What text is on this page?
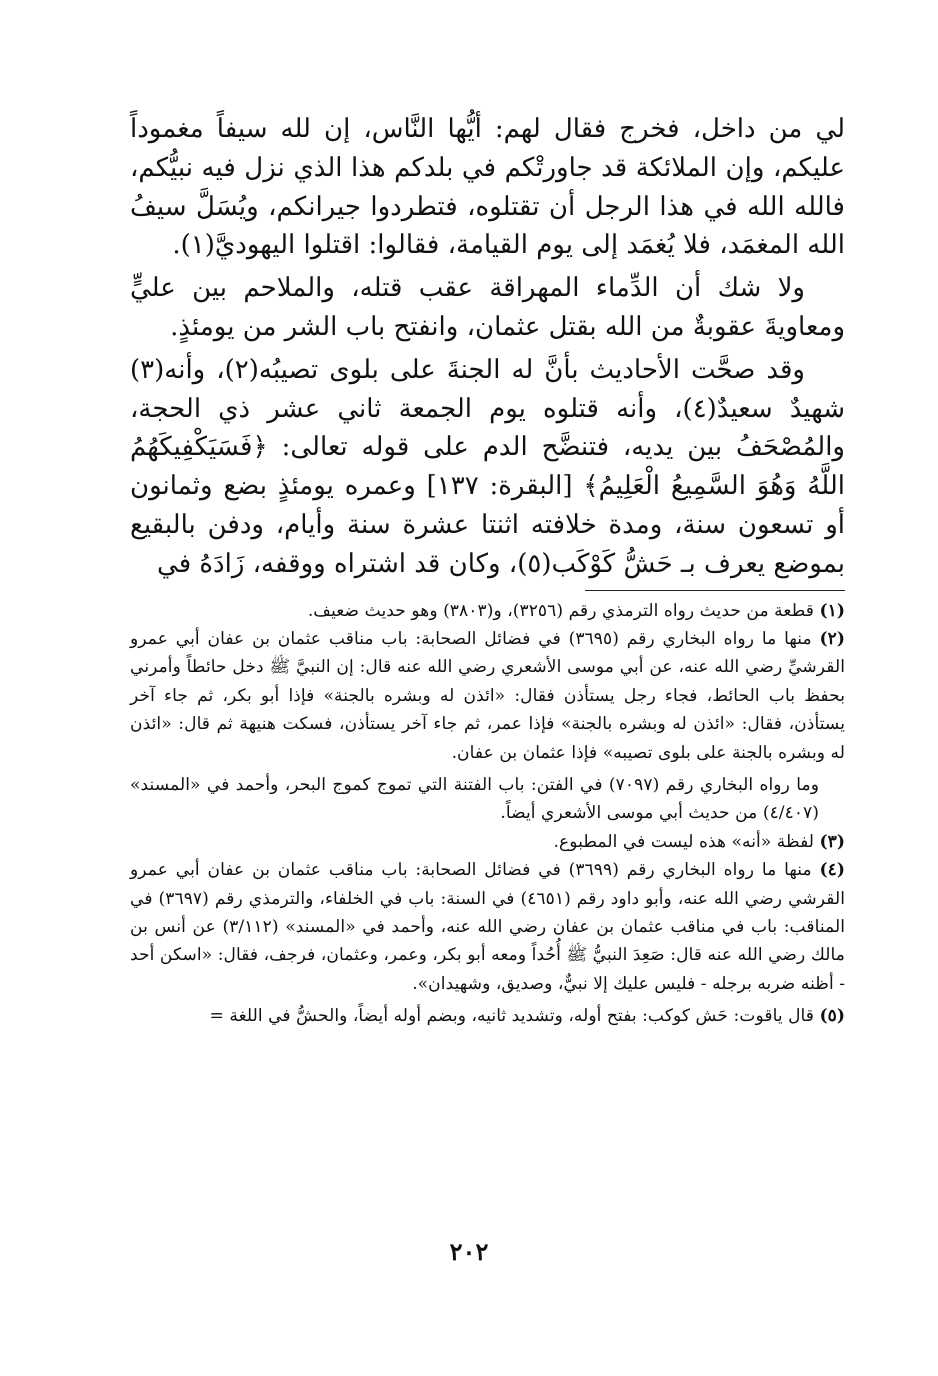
لي من داخل، فخرج فقال لهم: أيُّها النَّاس، إن لله سيفاً مغموداً عليكم، وإن الملائكة قد جاورتْكم في بلدكم هذا الذي نزل فيه نبيُّكم، فالله الله في هذا الرجل أن تقتلوه، فتطردوا جيرانكم، ويُسَلَّ سيفُ الله المغمَد، فلا يُغمَد إلى يوم القيامة، فقالوا: اقتلوا اليهوديَّ(١).

ولا شك أن الدِّماء المهراقة عقب قتله، والملاحم بين عليٍّ ومعاويةَ عقوبةٌ من الله بقتل عثمان، وانفتح باب الشر من يومئذٍ.

وقد صحَّت الأحاديث بأنَّ له الجنةَ على بلوى تصيبُه(٢)، وأنه(٣) شهيدٌ سعيدٌ(٤)، وأنه قتلوه يوم الجمعة ثاني عشر ذي الحجة، والمُصْحَفُ بين يديه، فتنضَّح الدم على قوله تعالى: ﴿فَسَيَكْفِيكَهُمُ اللَّهُ وَهُوَ السَّمِيعُ الْعَلِيمُ﴾ [البقرة: ١٣٧] وعمره يومئذٍ بضع وثمانون أو تسعون سنة، ومدة خلافته اثنتا عشرة سنة وأيام، ودفن بالبقيع بموضع يعرف بـ حَشُّ كَوْكَب(٥)، وكان قد اشتراه ووقفه، زَادَهُ في

(١) قطعة من حديث رواه الترمذي رقم (٣٢٥٦)، و(٣٨٠٣) وهو حديث ضعيف.

(٢) منها ما رواه البخاري رقم (٣٦٩٥) في فضائل الصحابة: باب مناقب عثمان بن عفان أبي عمرو القرشيِّ رضي الله عنه، عن أبي موسى الأشعري رضي الله عنه قال: إن النبيَّ ﷺ دخل حائطاً وأمرني بحفظ باب الحائط، فجاء رجل يستأذن فقال: «ائذن له وبشره بالجنة» فإذا أبو بكر، ثم جاء آخر يستأذن، فقال: «ائذن له وبشره بالجنة» فإذا عمر، ثم جاء آخر يستأذن، فسكت هنيهة ثم قال: «ائذن له وبشره بالجنة على بلوى تصيبه» فإذا عثمان بن عفان.

وما رواه البخاري رقم (٧٠٩٧) في الفتن: باب الفتنة التي تموج كموج البحر، وأحمد في «المسند» (٤/٤٠٧) من حديث أبي موسى الأشعري أيضاً.

(٣) لفظة «أنه» هذه ليست في المطبوع.

(٤) منها ما رواه البخاري رقم (٣٦٩٩) في فضائل الصحابة: باب مناقب عثمان بن عفان أبي عمرو القرشي رضي الله عنه، وأبو داود رقم (٤٦٥١) في السنة: باب في الخلفاء، والترمذي رقم (٣٦٩٧) في المناقب: باب في مناقب عثمان بن عفان رضي الله عنه، وأحمد في «المسند» (٣/١١٢) عن أنس بن مالك رضي الله عنه قال: صَعِدَ النبيُّ ﷺ أُحُداً ومعه أبو بكر، وعمر، وعثمان، فرجف، فقال: «اسكن أحد - أظنه ضربه برجله - فليس عليك إلا نبيٌّ، وصديق، وشهيدان».

(٥) قال ياقوت: حَش كوكب: بفتح أوله، وتشديد ثانيه، وبضم أوله أيضاً، والحشُّ في اللغة =

٢٠٢
